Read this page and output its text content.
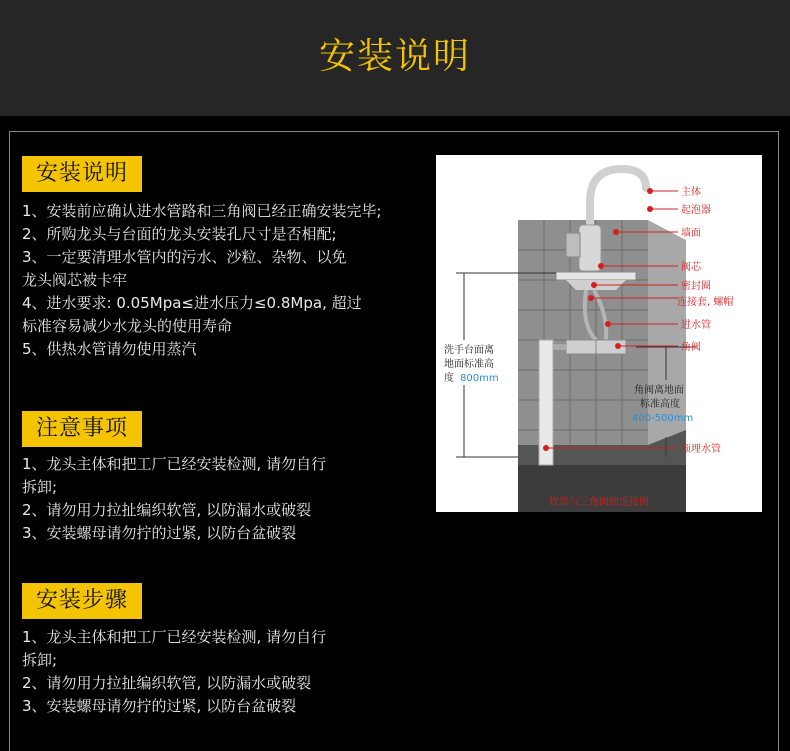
安装说明
安装说明
1、安装前应确认进水管路和三角阀已经正确安装完毕;
2、所购龙头与台面的龙头安装孔尺寸是否相配;
3、一定要清理水管内的污水、沙粒、杂物、以免
龙头阀芯被卡牢
4、进水要求: 0.05Mpa≤进水压力≤0.8Mpa, 超过
标准容易减少水龙头的使用寿命
5、供热水管请勿使用蒸汽
注意事项
1、龙头主体和把工厂已经安装检测, 请勿自行
拆卸;
2、请勿用力拉扯编织软管, 以防漏水或破裂
3、安装螺母请勿拧的过紧, 以防台盆破裂
安装步骤
1、龙头主体和把工厂已经安装检测, 请勿自行
拆卸;
2、请勿用力拉扯编织软管, 以防漏水或破裂
3、安装螺母请勿拧的过紧, 以防台盆破裂
洗手台面离
地面标准高
度 800mm
角阀离地面
标准高度
400-500mm
主体
起泡器
墙面
阀芯
密封圈
连接套, 螺帽
进水管
角阀
预埋水管
软管与三角阀的连接图
